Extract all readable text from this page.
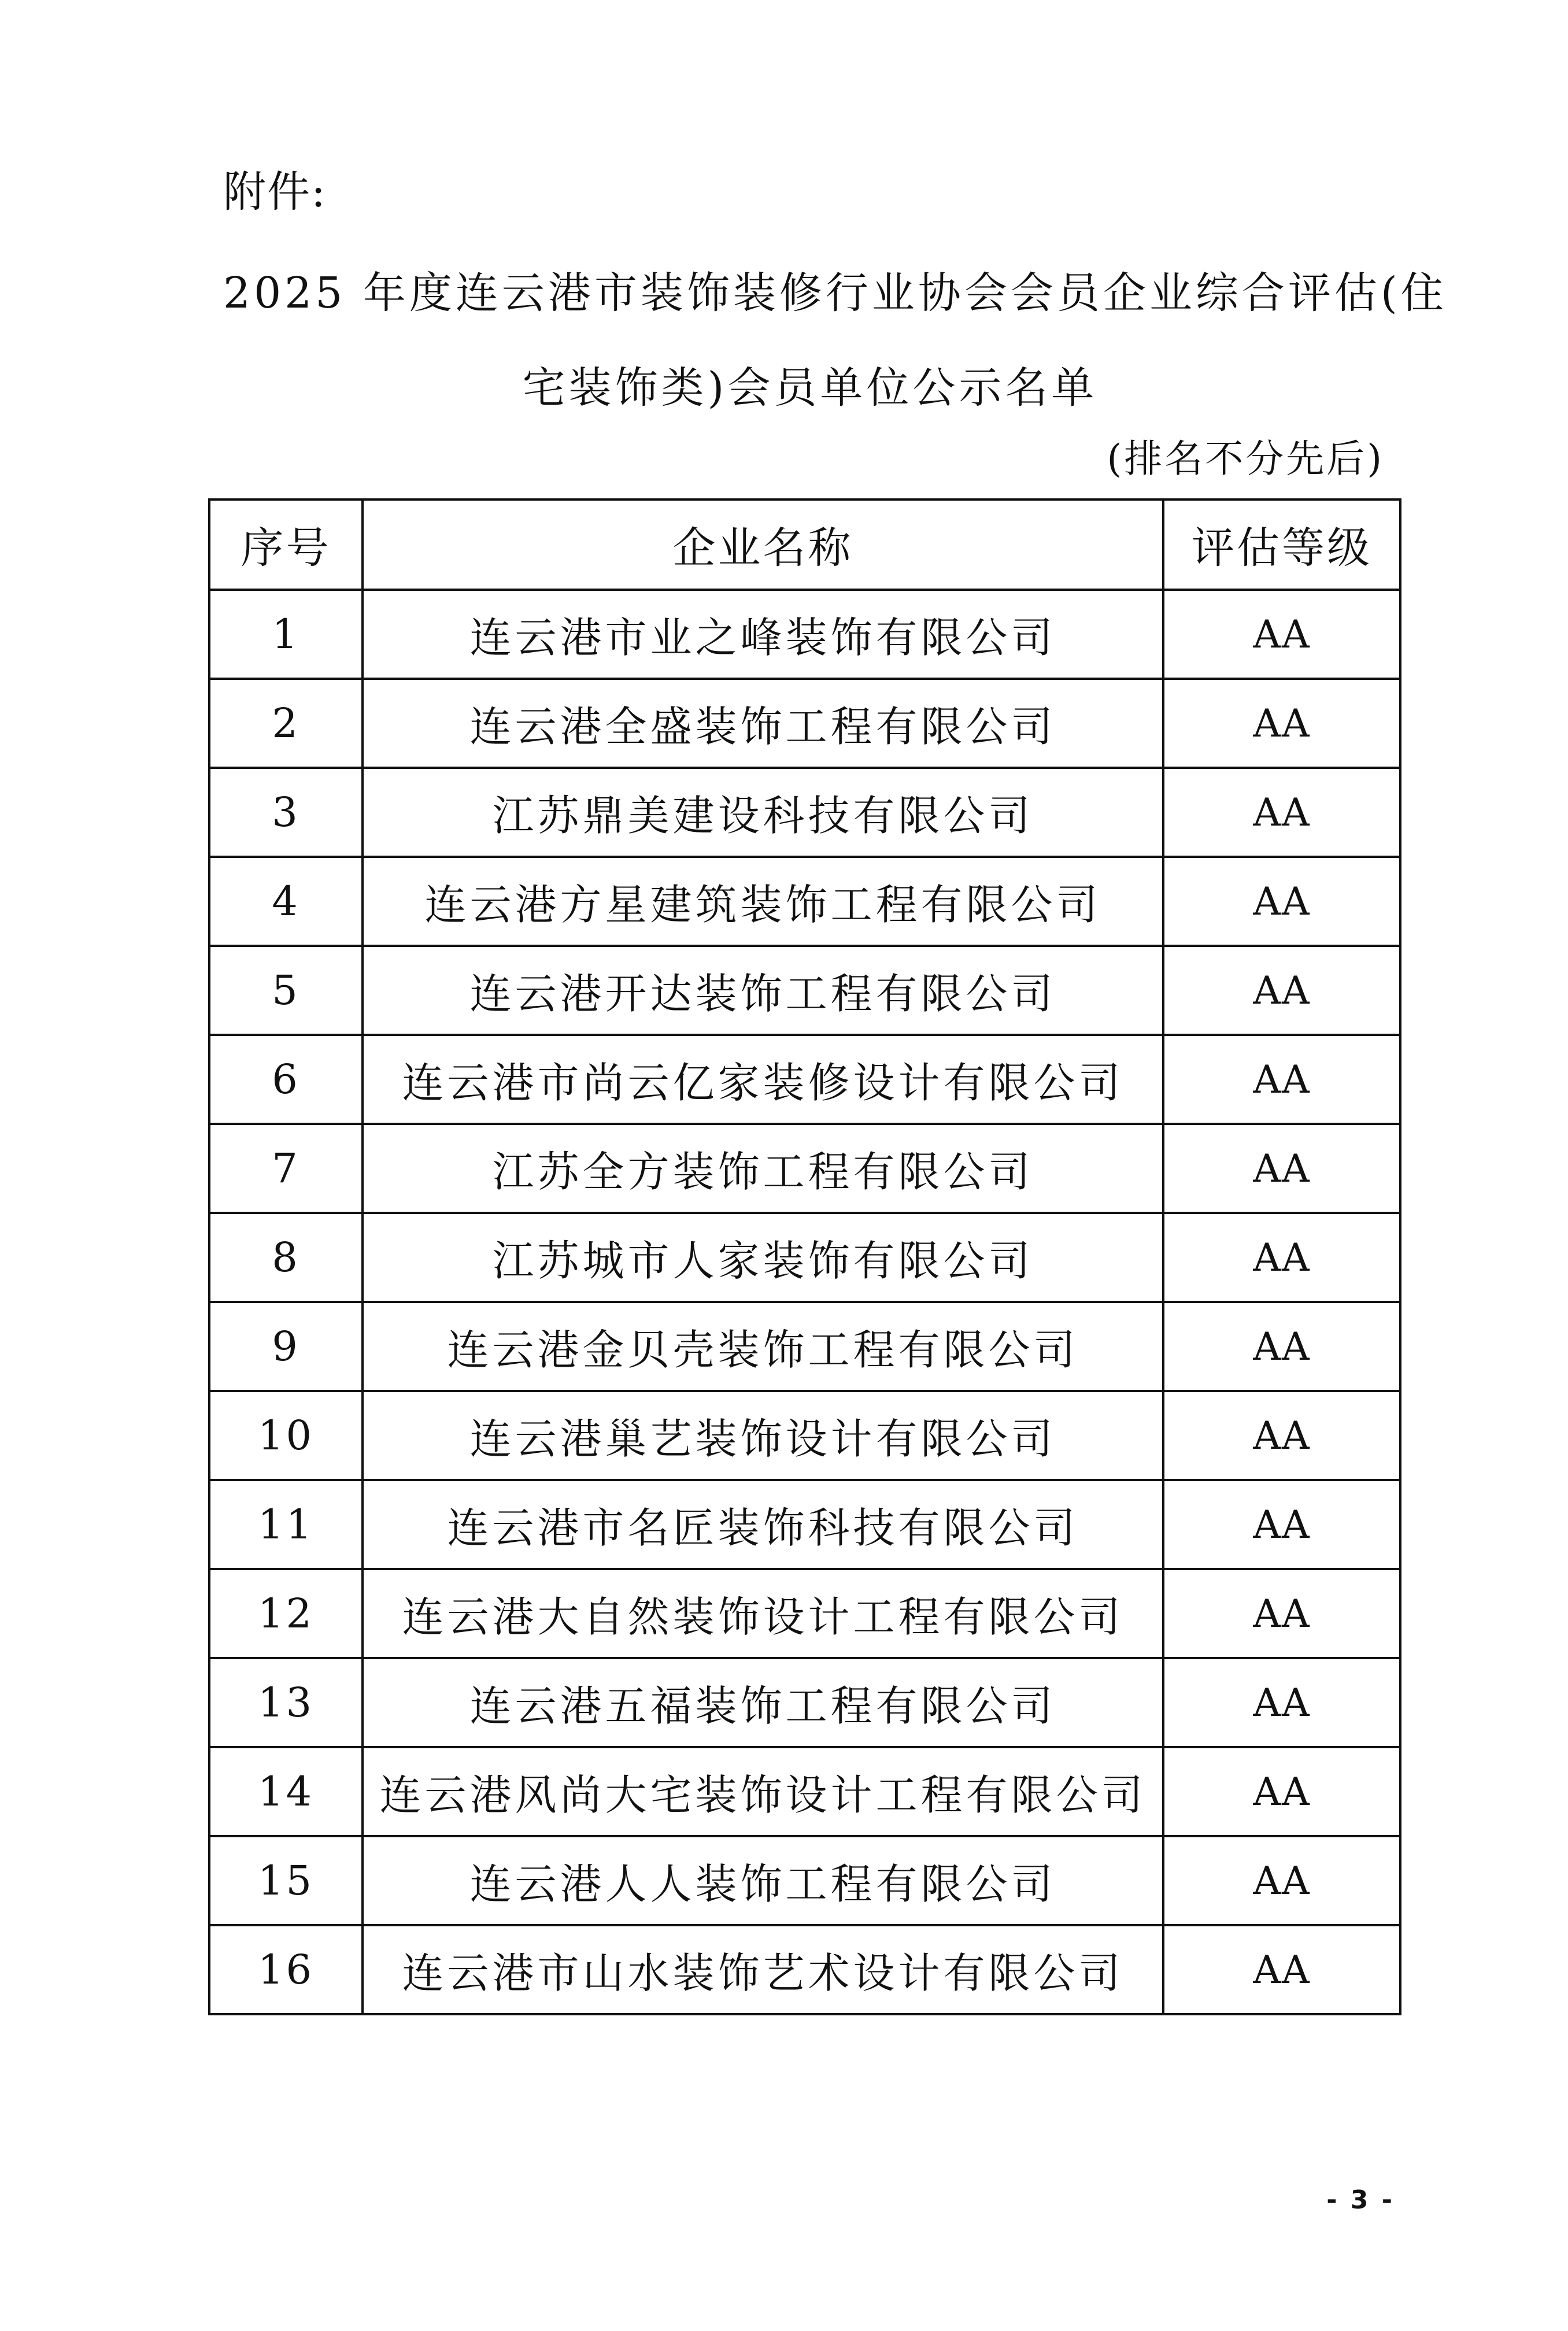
附件:
2025 年度连云港市装饰装修行业协会会员企业综合评估(住
宅装饰类)会员单位公示名单
(排名不分先后)
序号	企业名称	评估等级
1	连云港市业之峰装饰有限公司	AA
2	连云港全盛装饰工程有限公司	AA
3	江苏鼎美建设科技有限公司	AA
4	连云港方星建筑装饰工程有限公司	AA
5	连云港开达装饰工程有限公司	AA
6	连云港市尚云亿家装修设计有限公司	AA
7	江苏全方装饰工程有限公司	AA
8	江苏城市人家装饰有限公司	AA
9	连云港金贝壳装饰工程有限公司	AA
10	连云港巢艺装饰设计有限公司	AA
11	连云港市名匠装饰科技有限公司	AA
12	连云港大自然装饰设计工程有限公司	AA
13	连云港五福装饰工程有限公司	AA
14	连云港风尚大宅装饰设计工程有限公司	AA
15	连云港人人装饰工程有限公司	AA
16	连云港市山水装饰艺术设计有限公司	AA
- 3 -
